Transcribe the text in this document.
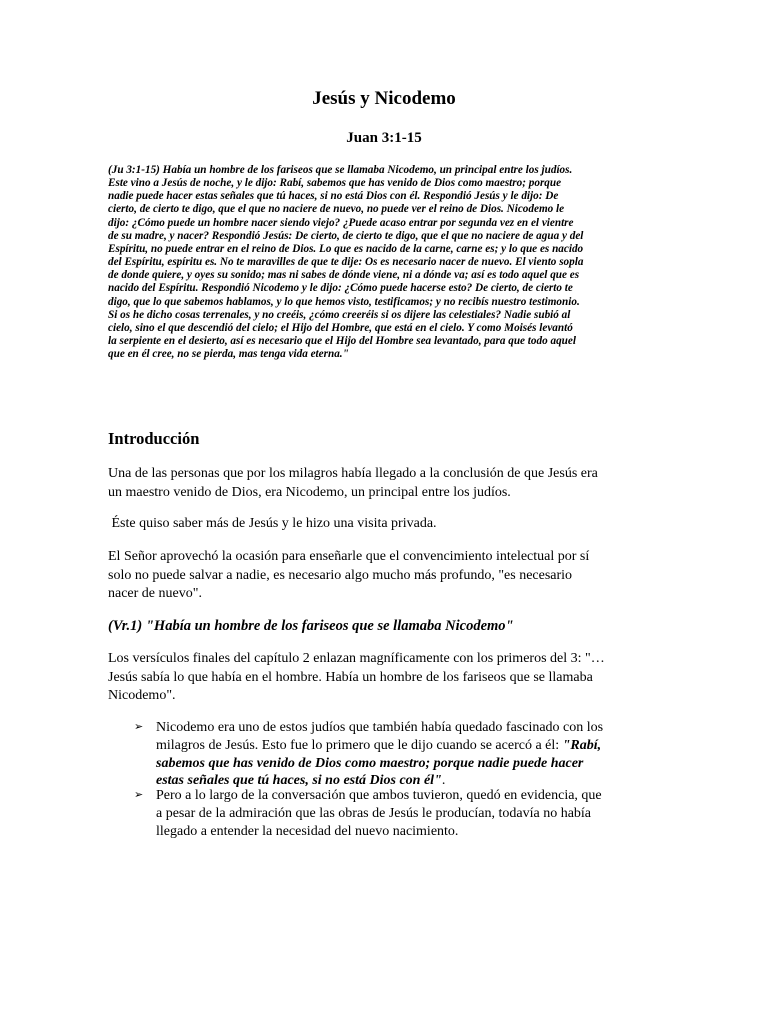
Jesús y Nicodemo
Juan 3:1-15
(Ju 3:1-15) Había un hombre de los fariseos que se llamaba Nicodemo, un principal entre los judíos.
Este vino a Jesús de noche, y le dijo: Rabí, sabemos que has venido de Dios como maestro; porque
nadie puede hacer estas señales que tú haces, si no está Dios con él. Respondió Jesús y le dijo: De
cierto, de cierto te digo, que el que no naciere de nuevo, no puede ver el reino de Dios. Nicodemo le
dijo: ¿Cómo puede un hombre nacer siendo viejo? ¿Puede acaso entrar por segunda vez en el vientre
de su madre, y nacer? Respondió Jesús: De cierto, de cierto te digo, que el que no naciere de agua y del
Espíritu, no puede entrar en el reino de Dios. Lo que es nacido de la carne, carne es; y lo que es nacido
del Espíritu, espíritu es. No te maravilles de que te dije: Os es necesario nacer de nuevo. El viento sopla
de donde quiere, y oyes su sonido; mas ni sabes de dónde viene, ni a dónde va; así es todo aquel que es
nacido del Espíritu. Respondió Nicodemo y le dijo: ¿Cómo puede hacerse esto? De cierto, de cierto te
digo, que lo que sabemos hablamos, y lo que hemos visto, testificamos; y no recibís nuestro testimonio.
Si os he dicho cosas terrenales, y no creéis, ¿cómo creeréis si os dijere las celestiales? Nadie subió al
cielo, sino el que descendió del cielo; el Hijo del Hombre, que está en el cielo. Y como Moisés levantó
la serpiente en el desierto, así es necesario que el Hijo del Hombre sea levantado, para que todo aquel
que en él cree, no se pierda, mas tenga vida eterna."
Introducción
Una de las personas que por los milagros había llegado a la conclusión de que Jesús era
un maestro venido de Dios, era Nicodemo, un principal entre los judíos.
Éste quiso saber más de Jesús y le hizo una visita privada.
El Señor aprovechó la ocasión para enseñarle que el convencimiento intelectual por sí
solo no puede salvar a nadie, es necesario algo mucho más profundo, "es necesario
nacer de nuevo".
(Vr.1) "Había un hombre de los fariseos que se llamaba Nicodemo"
Los versículos finales del capítulo 2 enlazan magníficamente con los primeros del 3: "…
Jesús sabía lo que había en el hombre. Había un hombre de los fariseos que se llamaba
Nicodemo".
➢ Nicodemo era uno de estos judíos que también había quedado fascinado con los
milagros de Jesús. Esto fue lo primero que le dijo cuando se acercó a él: "Rabí,
sabemos que has venido de Dios como maestro; porque nadie puede hacer
estas señales que tú haces, si no está Dios con él".
➢ Pero a lo largo de la conversación que ambos tuvieron, quedó en evidencia, que
a pesar de la admiración que las obras de Jesús le producían, todavía no había
llegado a entender la necesidad del nuevo nacimiento.
